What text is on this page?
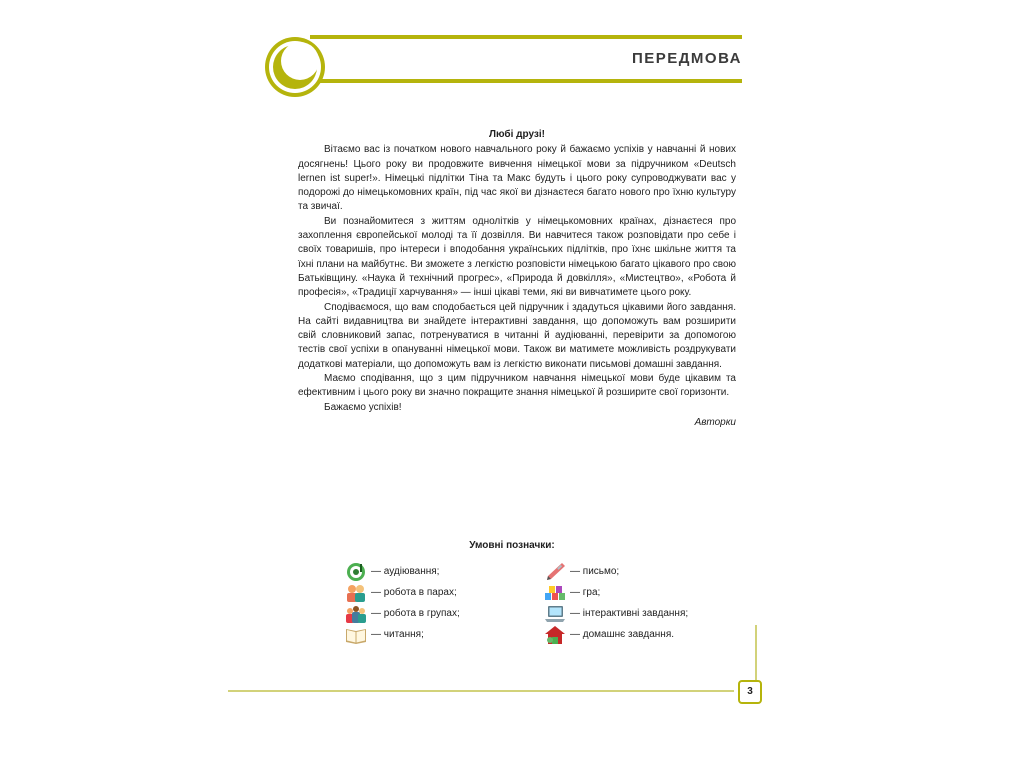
ПЕРЕДМОВА
Любі друзі!

Вітаємо вас із початком нового навчального року й бажаємо успіхів у навчанні й нових досягнень! Цього року ви продовжите вивчення німецької мови за підручником «Deutsch lernen ist super!». Німецькі підлітки Тіна та Макс будуть і цього року супроводжувати вас у подорожі до німецькомовних країн, під час якої ви дізнаєтеся багато нового про їхню культуру та звичаї.

Ви познайомитеся з життям однолітків у німецькомовних країнах, дізнаєтеся про захоплення європейської молоді та її дозвілля. Ви навчитеся також розповідати про себе і своїх товаришів, про інтереси і вподобання українських підлітків, про їхнє шкільне життя та їхні плани на майбутнє. Ви зможете з легкістю розповісти німецькою багато цікавого про свою Батьківщину. «Наука й технічний прогрес», «Природа й довкілля», «Мистецтво», «Робота й професія», «Традиції харчування» — інші цікаві теми, які ви вивчатимете цього року.

Сподіваємося, що вам сподобається цей підручник і здадуться цікавими його завдання. На сайті видавництва ви знайдете інтерактивні завдання, що допоможуть вам розширити свій словниковий запас, потренуватися в читанні й аудіюванні, перевірити за допомогою тестів свої успіхи в опануванні німецької мови. Також ви матимете можливість роздрукувати додаткові матеріали, що допоможуть вам із легкістю виконати письмові домашні завдання.

Маємо сподівання, що з цим підручником навчання німецької мови буде цікавим та ефективним і цього року ви значно покращите знання німецької й розширите свої горизонти.

Бажаємо успіхів!

Авторки
Умовні позначки:
— аудіювання;
— робота в парах;
— робота в групах;
— читання;
— письмо;
— гра;
— інтерактивні завдання;
— домашнє завдання.
3
